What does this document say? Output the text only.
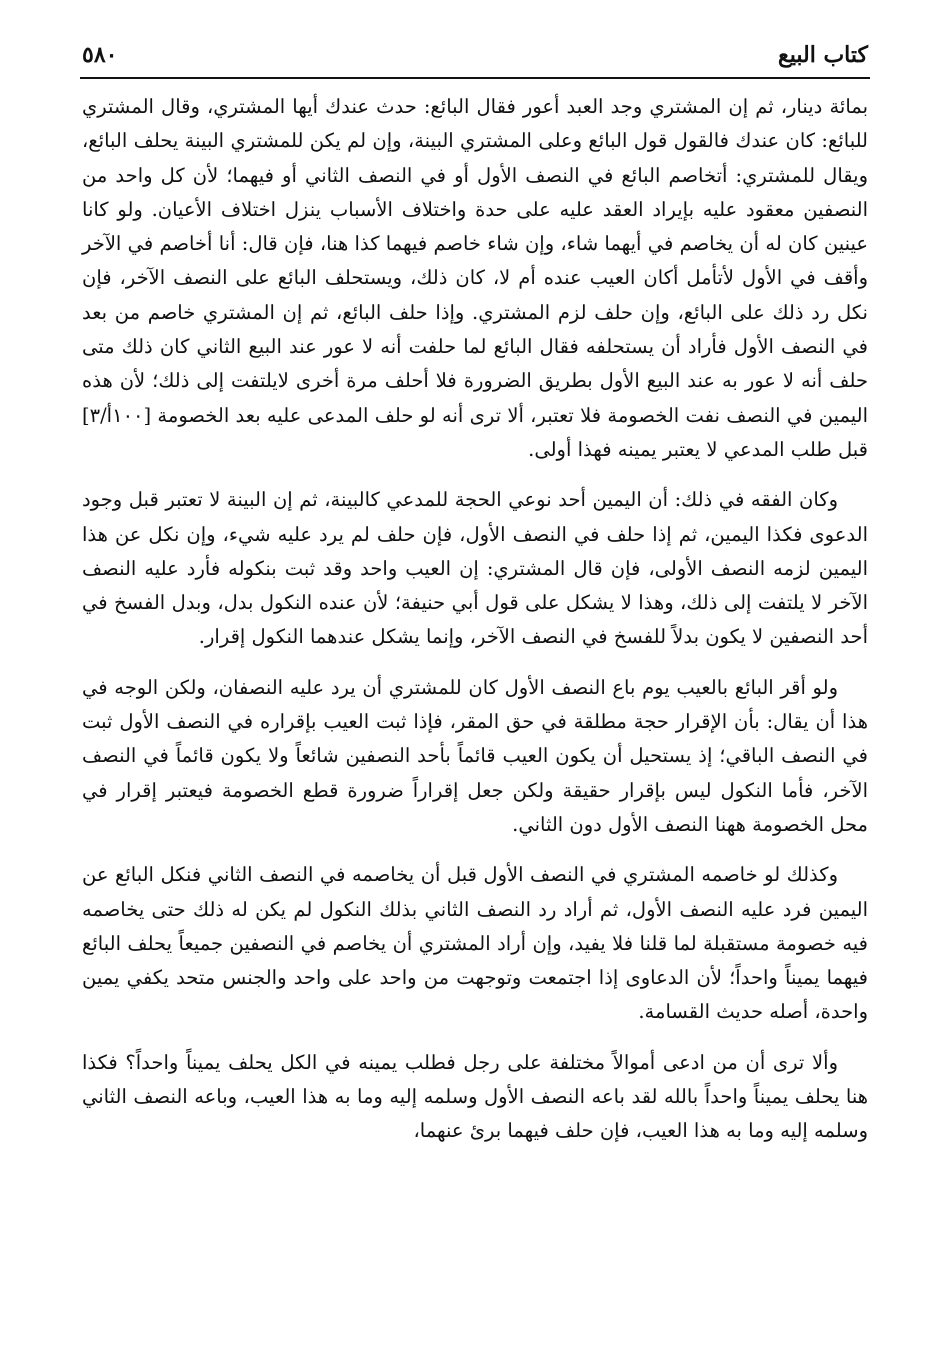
كتاب البيع
٥٨٠

بمائة دينار، ثم إن المشتري وجد العبد أعور فقال البائع: حدث عندك أيها المشتري، وقال المشتري للبائع: كان عندك فالقول قول البائع وعلى المشتري البينة، وإن لم يكن للمشتري البينة يحلف البائع، ويقال للمشتري: أتخاصم البائع في النصف الأول أو في النصف الثاني أو فيهما؛ لأن كل واحد من النصفين معقود عليه بإيراد العقد عليه على حدة واختلاف الأسباب ينزل اختلاف الأعيان. ولو كانا عينين كان له أن يخاصم في أيهما شاء، وإن شاء خاصم فيهما كذا هنا، فإن قال: أنا أخاصم في الآخر وأقف في الأول لأتأمل أكان العيب عنده أم لا، كان ذلك، ويستحلف البائع على النصف الآخر، فإن نكل رد ذلك على البائع، وإن حلف لزم المشتري. وإذا حلف البائع، ثم إن المشتري خاصم من بعد في النصف الأول فأراد أن يستحلفه فقال البائع لما حلفت أنه لا عور عند البيع الثاني كان ذلك متى حلف أنه لا عور به عند البيع الأول بطريق الضرورة فلا أحلف مرة أخرى لايلتفت إلى ذلك؛ لأن هذه اليمين في النصف نفت الخصومة فلا تعتبر، ألا ترى أنه لو حلف المدعى عليه بعد الخصومة [١٠٠أ/٣] قبل طلب المدعي لا يعتبر يمينه فهذا أولى.

وكان الفقه في ذلك: أن اليمين أحد نوعي الحجة للمدعي كالبينة، ثم إن البينة لا تعتبر قبل وجود الدعوى فكذا اليمين، ثم إذا حلف في النصف الأول، فإن حلف لم يرد عليه شيء، وإن نكل عن هذا اليمين لزمه النصف الأولى، فإن قال المشتري: إن العيب واحد وقد ثبت بنكوله فأرد عليه النصف الآخر لا يلتفت إلى ذلك، وهذا لا يشكل على قول أبي حنيفة؛ لأن عنده النكول بدل، وبدل الفسخ في أحد النصفين لا يكون بدلاً للفسخ في النصف الآخر، وإنما يشكل عندهما النكول إقرار.

ولو أقر البائع بالعيب يوم باع النصف الأول كان للمشتري أن يرد عليه النصفان، ولكن الوجه في هذا أن يقال: بأن الإقرار حجة مطلقة في حق المقر، فإذا ثبت العيب بإقراره في النصف الأول ثبت في النصف الباقي؛ إذ يستحيل أن يكون العيب قائماً بأحد النصفين شائعاً ولا يكون قائماً في النصف الآخر، فأما النكول ليس بإقرار حقيقة ولكن جعل إقراراً ضرورة قطع الخصومة فيعتبر إقرار في محل الخصومة ههنا النصف الأول دون الثاني.

وكذلك لو خاصمه المشتري في النصف الأول قبل أن يخاصمه في النصف الثاني فنكل البائع عن اليمين فرد عليه النصف الأول، ثم أراد رد النصف الثاني بذلك النكول لم يكن له ذلك حتى يخاصمه فيه خصومة مستقبلة لما قلنا فلا يفيد، وإن أراد المشتري أن يخاصم في النصفين جميعاً يحلف البائع فيهما يميناً واحداً؛ لأن الدعاوى إذا اجتمعت وتوجهت من واحد على واحد والجنس متحد يكفي يمين واحدة، أصله حديث القسامة.

وألا ترى أن من ادعى أموالاً مختلفة على رجل فطلب يمينه في الكل يحلف يميناً واحداً؟ فكذا هنا يحلف يميناً واحداً بالله لقد باعه النصف الأول وسلمه إليه وما به هذا العيب، وباعه النصف الثاني وسلمه إليه وما به هذا العيب، فإن حلف فيهما برئ عنهما،
